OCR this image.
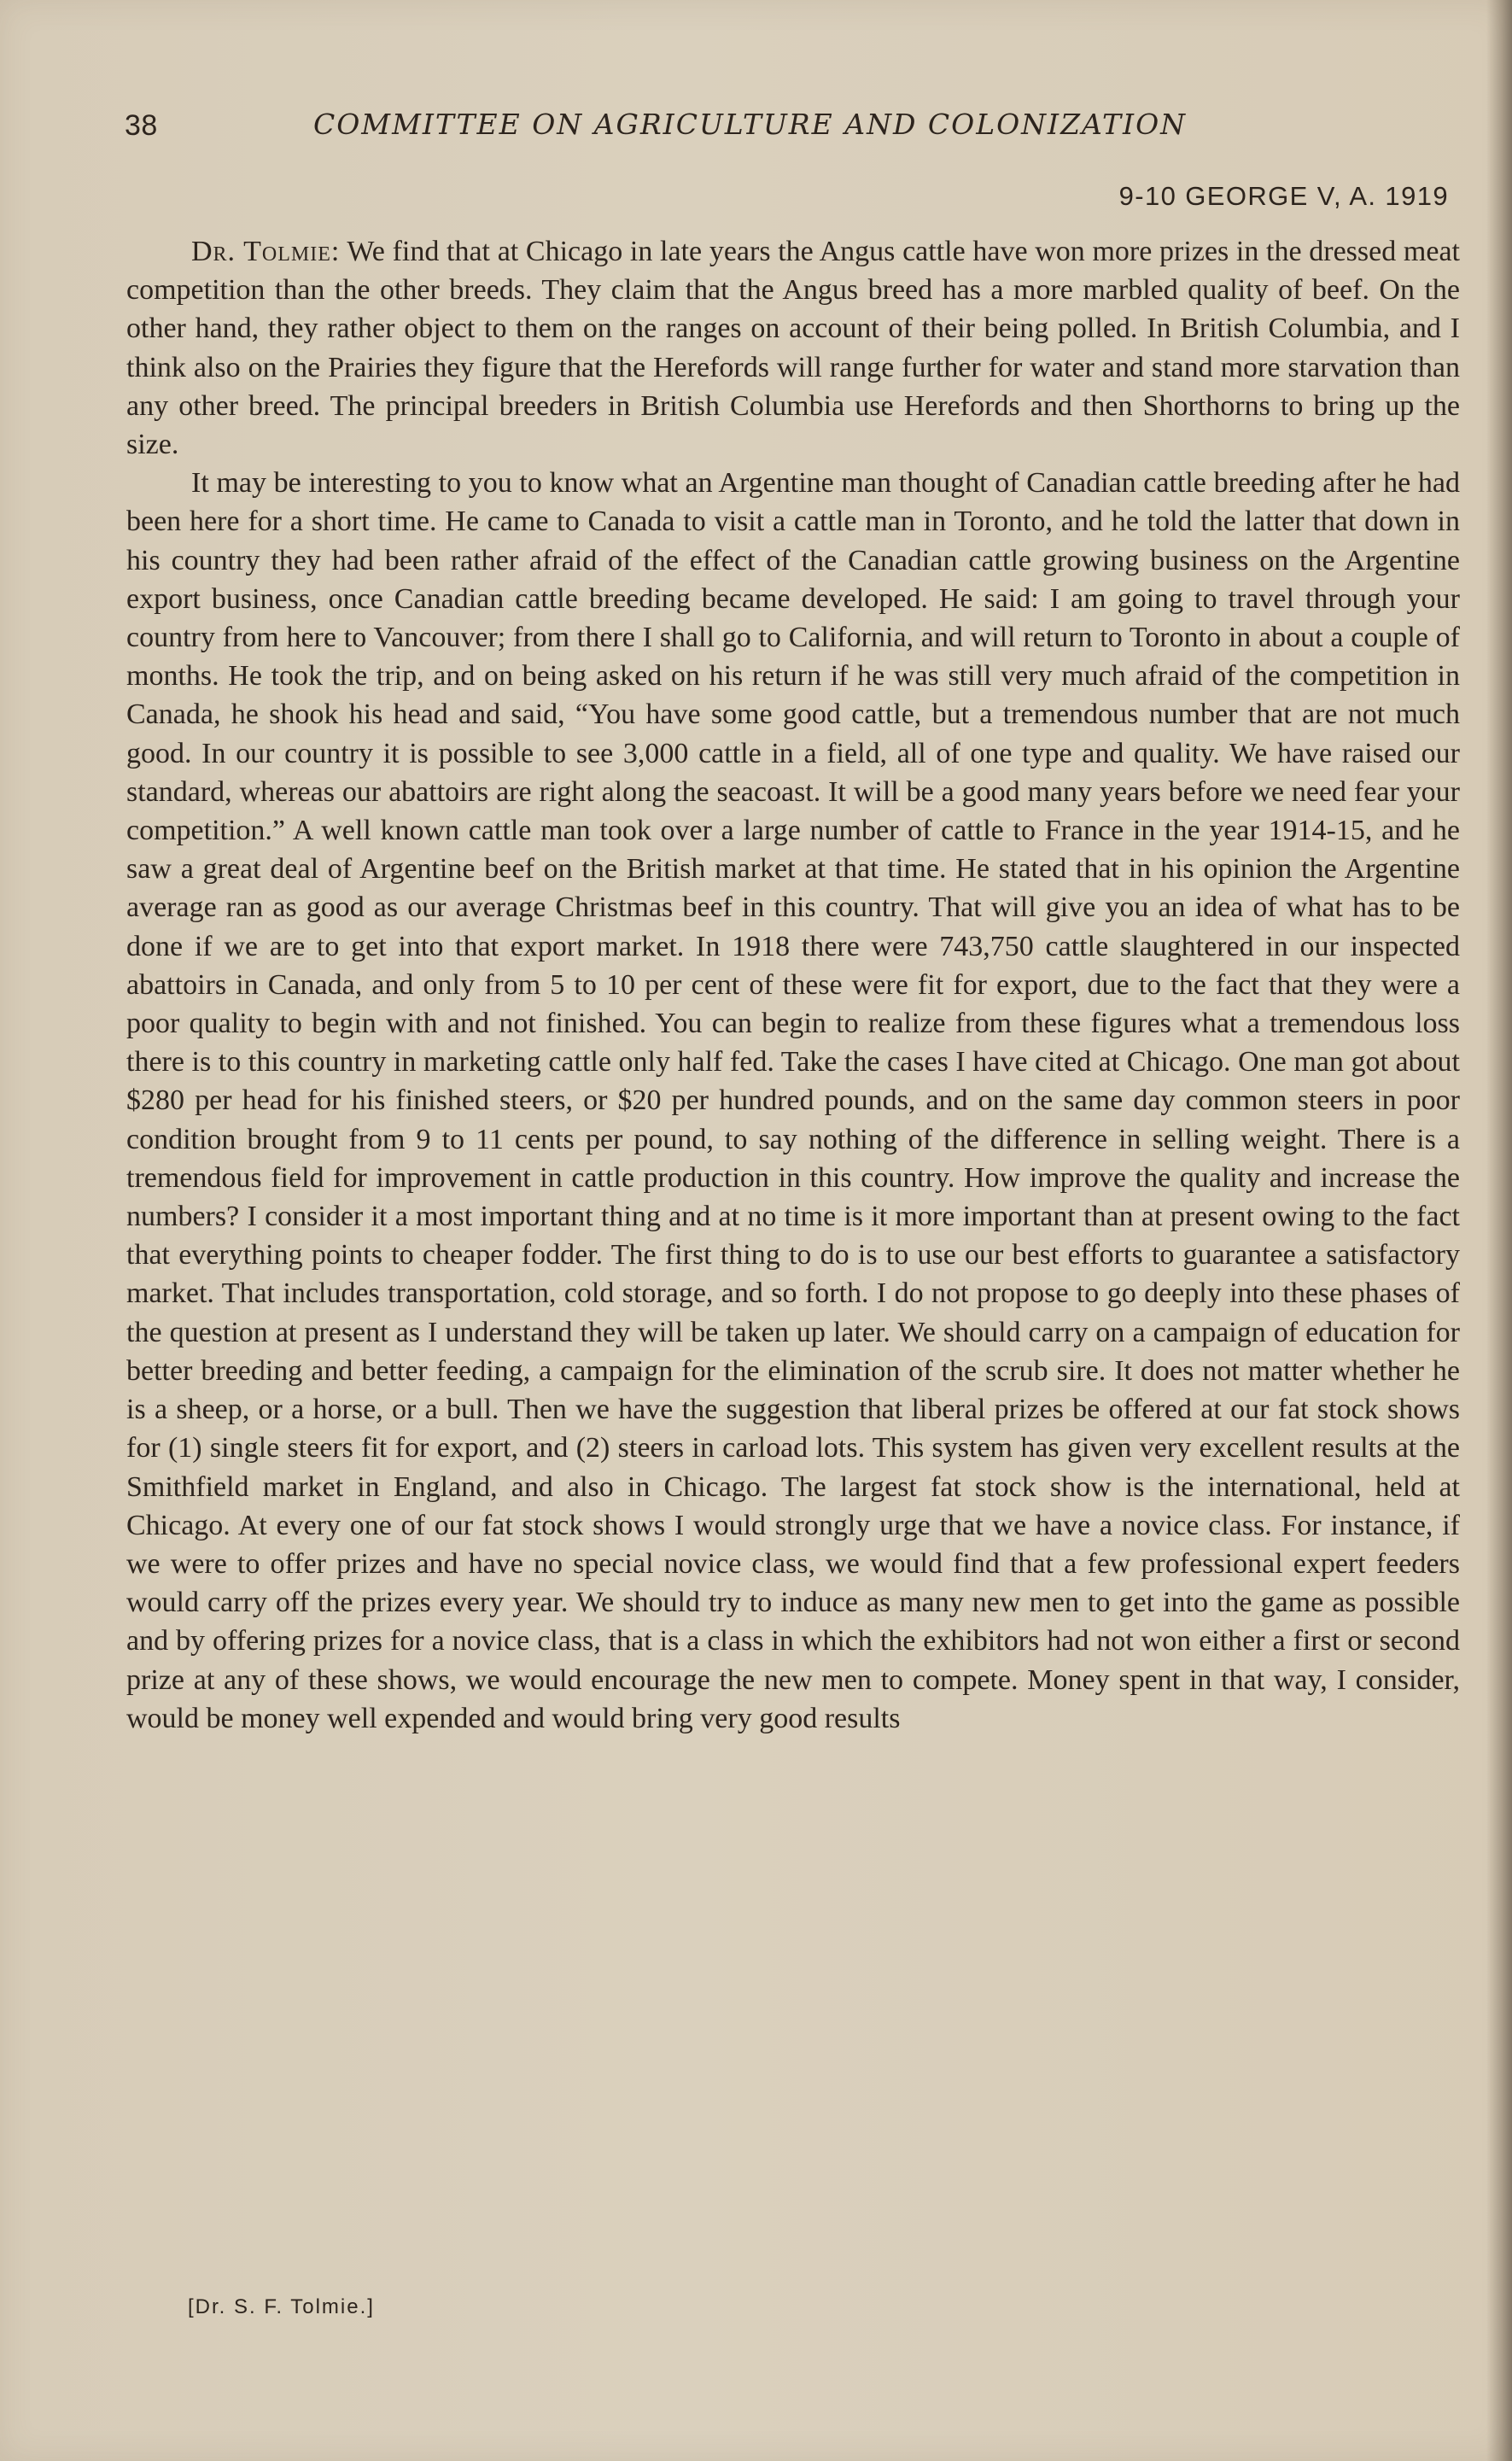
38	COMMITTEE ON AGRICULTURE AND COLONIZATION
9-10 GEORGE V, A. 1919

Dr. Tolmie: We find that at Chicago in late years the Angus cattle have won more prizes in the dressed meat competition than the other breeds. They claim that the Angus breed has a more marbled quality of beef. On the other hand, they rather object to them on the ranges on account of their being polled. In British Columbia, and I think also on the Prairies they figure that the Herefords will range further for water and stand more starvation than any other breed. The principal breeders in British Columbia use Herefords and then Shorthorns to bring up the size.

It may be interesting to you to know what an Argentine man thought of Canadian cattle breeding after he had been here for a short time. He came to Canada to visit a cattle man in Toronto, and he told the latter that down in his country they had been rather afraid of the effect of the Canadian cattle growing business on the Argentine export business, once Canadian cattle breeding became developed. He said: I am going to travel through your country from here to Vancouver; from there I shall go to California, and will return to Toronto in about a couple of months. He took the trip, and on being asked on his return if he was still very much afraid of the competition in Canada, he shook his head and said, “You have some good cattle, but a tremendous number that are not much good. In our country it is possible to see 3,000 cattle in a field, all of one type and quality. We have raised our standard, whereas our abattoirs are right along the seacoast. It will be a good many years before we need fear your competition.” A well known cattle man took over a large number of cattle to France in the year 1914-15, and he saw a great deal of Argentine beef on the British market at that time. He stated that in his opinion the Argentine average ran as good as our average Christmas beef in this country. That will give you an idea of what has to be done if we are to get into that export market. In 1918 there were 743,750 cattle slaughtered in our inspected abattoirs in Canada, and only from 5 to 10 per cent of these were fit for export, due to the fact that they were a poor quality to begin with and not finished. You can begin to realize from these figures what a tremendous loss there is to this country in marketing cattle only half fed. Take the cases I have cited at Chicago. One man got about $280 per head for his finished steers, or $20 per hundred pounds, and on the same day common steers in poor condition brought from 9 to 11 cents per pound, to say nothing of the difference in selling weight. There is a tremendous field for improvement in cattle production in this country. How improve the quality and increase the numbers? I consider it a most important thing and at no time is it more important than at present owing to the fact that everything points to cheaper fodder. The first thing to do is to use our best efforts to guarantee a satisfactory market. That includes transportation, cold storage, and so forth. I do not propose to go deeply into these phases of the question at present as I understand they will be taken up later. We should carry on a campaign of education for better breeding and better feeding, a campaign for the elimination of the scrub sire. It does not matter whether he is a sheep, or a horse, or a bull. Then we have the suggestion that liberal prizes be offered at our fat stock shows for (1) single steers fit for export, and (2) steers in carload lots. This system has given very excellent results at the Smithfield market in England, and also in Chicago. The largest fat stock show is the international, held at Chicago. At every one of our fat stock shows I would strongly urge that we have a novice class. For instance, if we were to offer prizes and have no special novice class, we would find that a few professional expert feeders would carry off the prizes every year. We should try to induce as many new men to get into the game as possible and by offering prizes for a novice class, that is a class in which the exhibitors had not won either a first or second prize at any of these shows, we would encourage the new men to compete. Money spent in that way, I consider, would be money well expended and would bring very good results

[Dr. S. F. Tolmie.]
